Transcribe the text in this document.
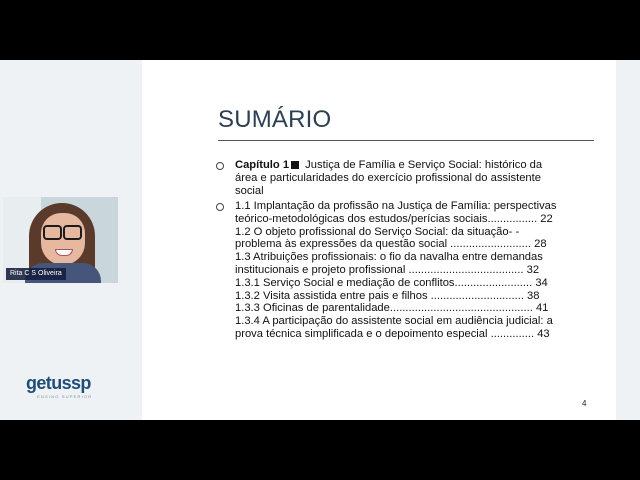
Rita C S Oliveira
getussp
ENSINO SUPERIOR
SUMÁRIO
Capítulo 1 Justiça de Família e Serviço Social: histórico da
área e particularidades do exercício profissional do assistente
social
1.1 Implantação da profissão na Justiça de Família: perspectivas
teórico-metodológicas dos estudos/perícias sociais................ 22
1.2 O objeto profissional do Serviço Social: da situação- -
problema às expressões da questão social .......................... 28
1.3 Atribuições profissionais: o fio da navalha entre demandas
institucionais e projeto profissional ..................................... 32
1.3.1 Serviço Social e mediação de conflitos......................... 34
1.3.2 Visita assistida entre pais e filhos .............................. 38
1.3.3 Oficinas de parentalidade.............................................. 41
1.3.4 A participação do assistente social em audiência judicial: a
prova técnica simplificada e o depoimento especial .............. 43
4
